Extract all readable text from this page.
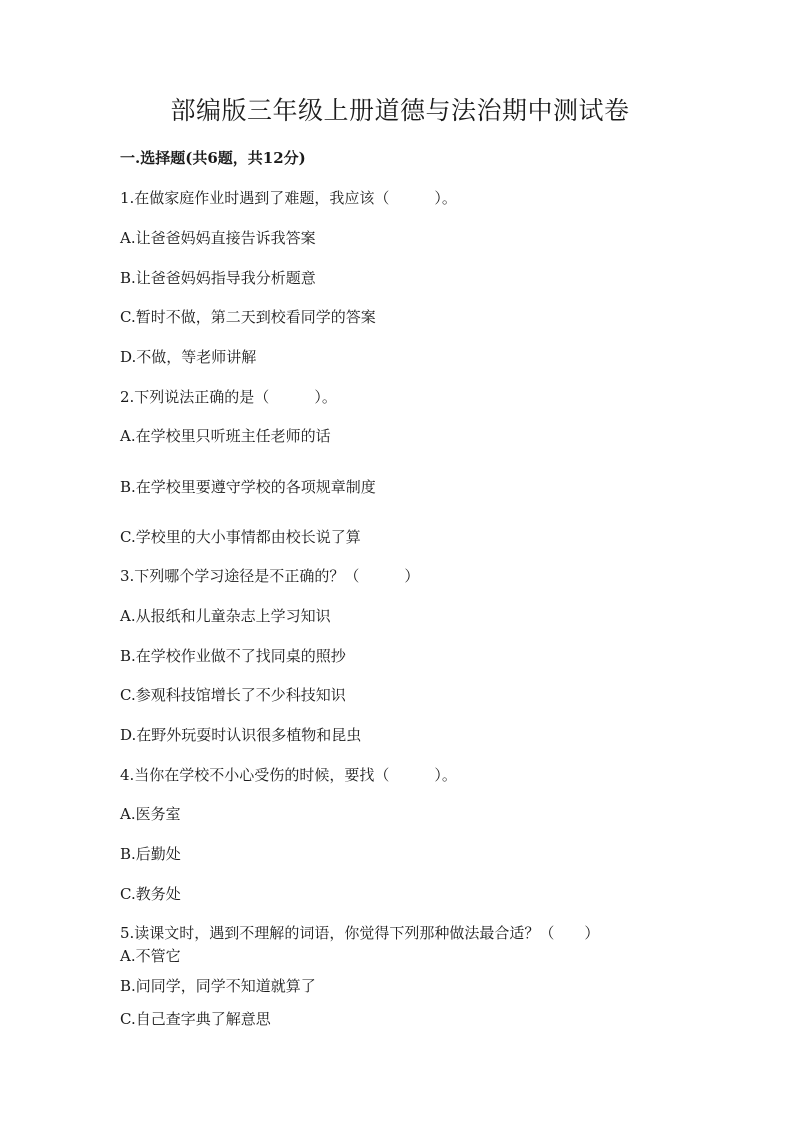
部编版三年级上册道德与法治期中测试卷
一.选择题(共6题，共12分)
1.在做家庭作业时遇到了难题，我应该（　　　）。
A.让爸爸妈妈直接告诉我答案
B.让爸爸妈妈指导我分析题意
C.暂时不做，第二天到校看同学的答案
D.不做，等老师讲解
2.下列说法正确的是（　　　）。
A.在学校里只听班主任老师的话
B.在学校里要遵守学校的各项规章制度
C.学校里的大小事情都由校长说了算
3.下列哪个学习途径是不正确的？（　　　）
A.从报纸和儿童杂志上学习知识
B.在学校作业做不了找同桌的照抄
C.参观科技馆增长了不少科技知识
D.在野外玩耍时认识很多植物和昆虫
4.当你在学校不小心受伤的时候，要找（　　　）。
A.医务室
B.后勤处
C.教务处
5.读课文时，遇到不理解的词语，你觉得下列那种做法最合适？（　　）
A.不管它
B.问同学，同学不知道就算了
C.自己查字典了解意思
